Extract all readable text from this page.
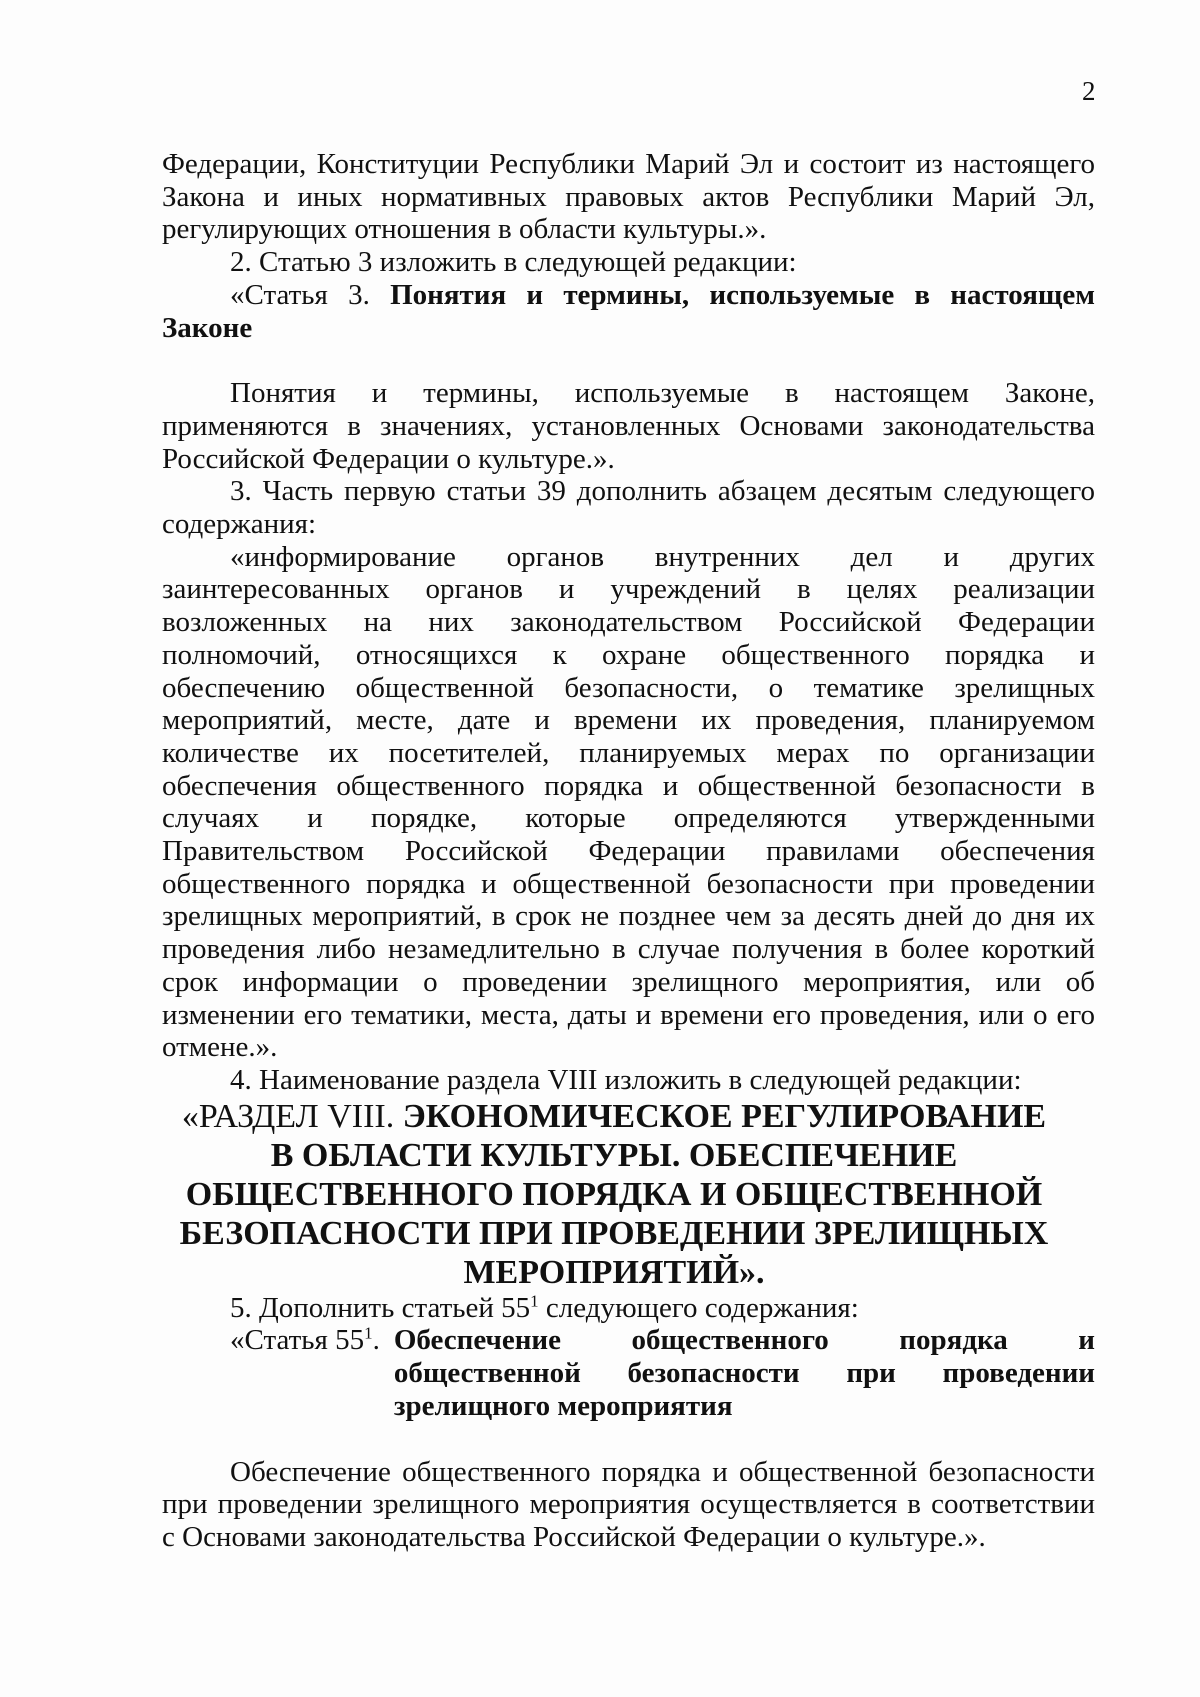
2

Федерации, Конституции Республики Марий Эл и состоит из настоящего Закона и иных нормативных правовых актов Республики Марий Эл, регулирующих отношения в области культуры.».

2. Статью 3 изложить в следующей редакции:

«Статья 3. Понятия и термины, используемые в настоящем Законе

Понятия и термины, используемые в настоящем Законе, применяются в значениях, установленных Основами законодательства Российской Федерации о культуре.».

3. Часть первую статьи 39 дополнить абзацем десятым следующего содержания:

«информирование органов внутренних дел и других заинтересованных органов и учреждений в целях реализации возложенных на них законодательством Российской Федерации полномочий, относящихся к охране общественного порядка и обеспечению общественной безопасности, о тематике зрелищных мероприятий, месте, дате и времени их проведения, планируемом количестве их посетителей, планируемых мерах по организации обеспечения общественного порядка и общественной безопасности в случаях и порядке, которые определяются утвержденными Правительством Российской Федерации правилами обеспечения общественного порядка и общественной безопасности при проведении зрелищных мероприятий, в срок не позднее чем за десять дней до дня их проведения либо незамедлительно в случае получения в более короткий срок информации о проведении зрелищного мероприятия, или об изменении его тематики, места, даты и времени его проведения, или о его отмене.».

4. Наименование раздела VIII изложить в следующей редакции:

«РАЗДЕЛ VIII. ЭКОНОМИЧЕСКОЕ РЕГУЛИРОВАНИЕ
В ОБЛАСТИ КУЛЬТУРЫ. ОБЕСПЕЧЕНИЕ
ОБЩЕСТВЕННОГО ПОРЯДКА И ОБЩЕСТВЕННОЙ
БЕЗОПАСНОСТИ ПРИ ПРОВЕДЕНИИ ЗРЕЛИЩНЫХ
МЕРОПРИЯТИЙ».

5. Дополнить статьей $55^1$ следующего содержания:

«Статья $55^1$. Обеспечение общественного порядка и общественной безопасности при проведении зрелищного мероприятия

Обеспечение общественного порядка и общественной безопасности при проведении зрелищного мероприятия осуществляется в соответствии с Основами законодательства Российской Федерации о культуре.».
